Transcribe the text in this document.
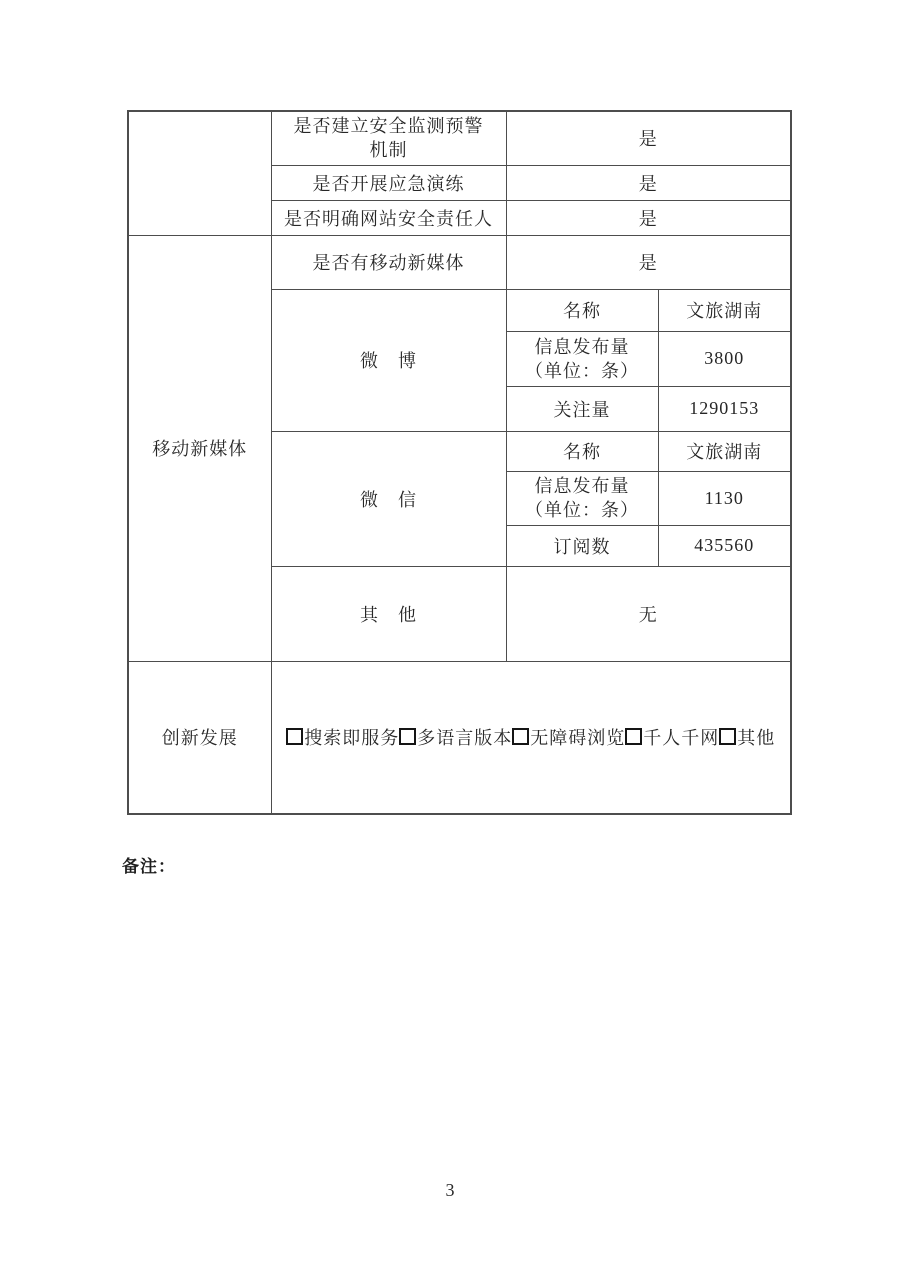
	是否建立安全监测预警
机制	是	
	是否开展应急演练	是	
	是否明确网站安全责任人	是	
移动新媒体	是否有移动新媒体	是	
	微　博	名称	文旅湖南

		信息发布量
（单位：条）	3800
		关注量	1290153
	微　信	名称	文旅湖南

		信息发布量
（单位：条）	1130
		订阅数	435560
	其　他	无	
创新发展	搜索即服务 多语言版本 无障碍浏览 千人千网 其他		
备注：
3
